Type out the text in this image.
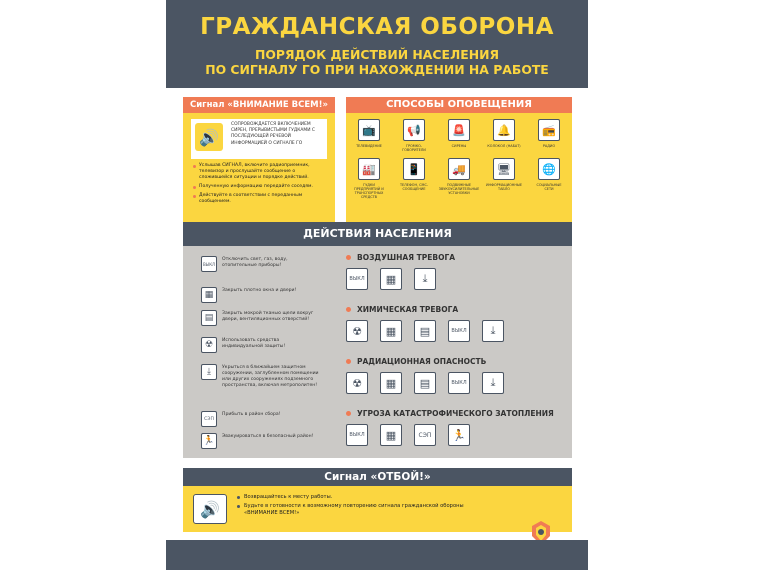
ГРАЖДАНСКАЯ ОБОРОНА
ПОРЯДОК ДЕЙСТВИЙ НАСЕЛЕНИЯ
ПО СИГНАЛУ ГО ПРИ НАХОЖДЕНИИ НА РАБОТЕ
Сигнал «ВНИМАНИЕ ВСЕМ!»
🔊
СОПРОВОЖДАЕТСЯ ВКЛЮЧЕНИЕМ СИРЕН, ПРЕРЫВИСТЫМИ ГУДКАМИ С ПОСЛЕДУЮЩЕЙ РЕЧЕВОЙ ИНФОРМАЦИЕЙ О СИГНАЛЕ ГО
Услышав СИГНАЛ, включите радиоприемник, телевизор и прослушайте сообщение о сложившейся ситуации и порядке действий.
Полученную информацию передайте соседям.
Действуйте в соответствии с переданным сообщением.
СПОСОБЫ ОПОВЕЩЕНИЯ
📺
ТЕЛЕВИДЕНИЕ
📢
ГРОМКО-ГОВОРИТЕЛИ
🚨
СИРЕНЫ
🔔
КОЛОКОЛ (НАБАТ)
📻
РАДИО
🏭
ГУДКИ ПРЕДПРИЯТИЙ И ТРАНСПОРТНЫХ СРЕДСТВ
📱
ТЕЛЕФОН, СМС-СООБЩЕНИЕ
🚚
ПОДВИЖНЫЕ ЗВУКОУСИЛИТЕЛЬНЫЕ УСТАНОВКИ
🖥
ИНФОРМАЦИОННЫЕ ТАБЛО
🌐
СОЦИАЛЬНЫЕ СЕТИ
ДЕЙСТВИЯ НАСЕЛЕНИЯ
ВЫКЛ
Отключить свет, газ, воду, отопительные приборы!
▦	Закрыть плотно окна и двери!
▤	Закрыть мокрой тканью щели вокруг двери, вентиляционных отверстий!
☢	Использовать средства индивидуальной защиты!
⤓	Укрыться в ближайшем защитном сооружении, заглубленном помещении или других сооружениях подземного пространства, включая метрополитен!
СЭП
Прибыть в район сбора!
🏃	Эвакуироваться в безопасный район!
ВОЗДУШНАЯ ТРЕВОГА
ВЫКЛ	▦	⤓
ХИМИЧЕСКАЯ ТРЕВОГА
☢	▦	▤	ВЫКЛ	⤓
РАДИАЦИОННАЯ ОПАСНОСТЬ
☢	▦	▤	ВЫКЛ	⤓
УГРОЗА КАТАСТРОФИЧЕСКОГО ЗАТОПЛЕНИЯ
ВЫКЛ	▦	СЭП	🏃
Сигнал «ОТБОЙ!»
🔊
Возвращайтесь к месту работы.
Будьте в готовности к возможному повторению сигнала гражданской обороны «ВНИМАНИЕ ВСЕМ!»
